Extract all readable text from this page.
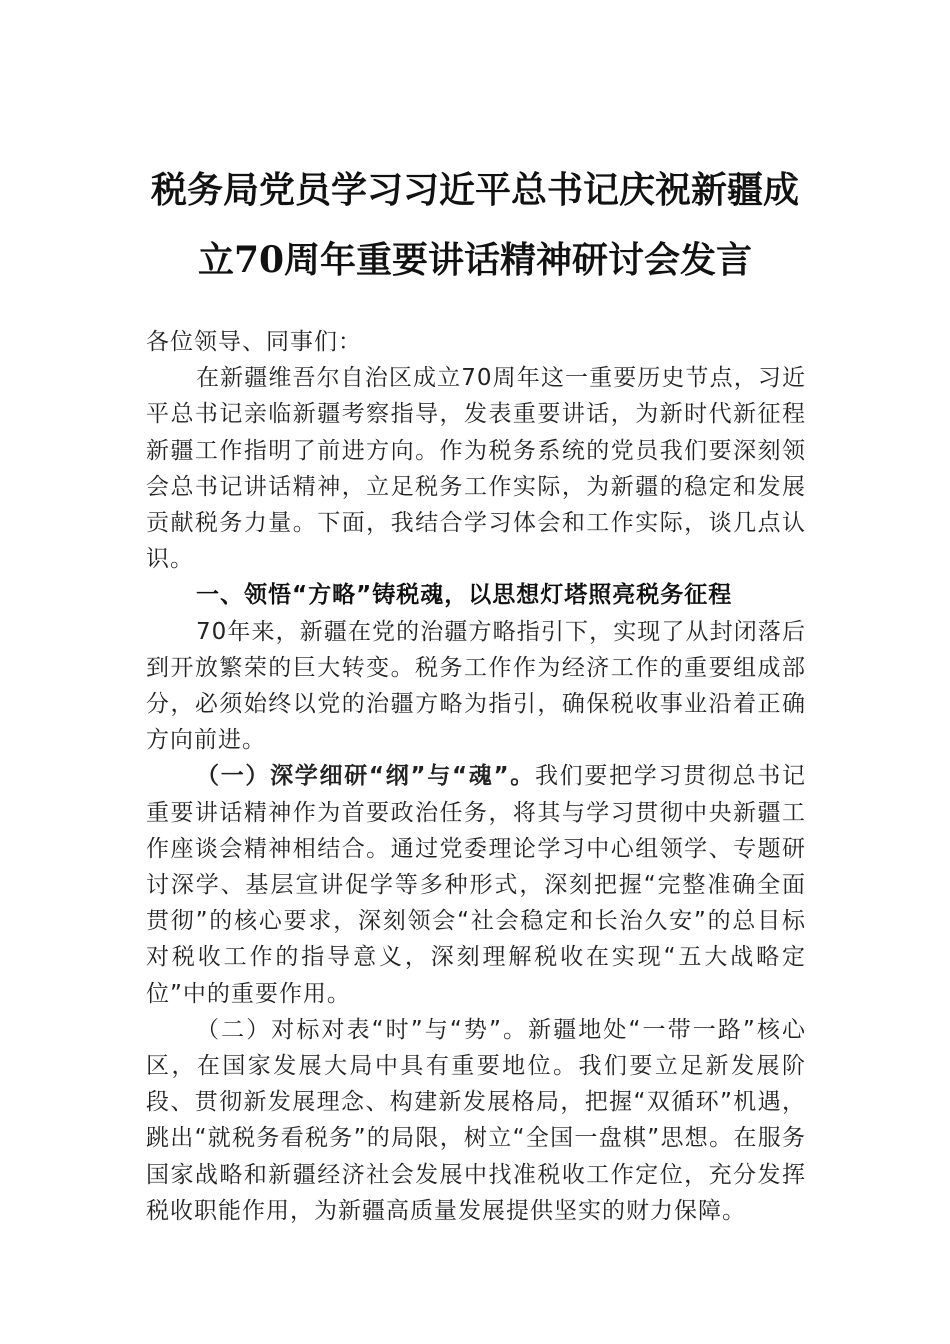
税务局党员学习习近平总书记庆祝新疆成
立70周年重要讲话精神研讨会发言

各位领导、同事们：

在新疆维吾尔自治区成立70周年这一重要历史节点，习近平总书记亲临新疆考察指导，发表重要讲话，为新时代新征程新疆工作指明了前进方向。作为税务系统的党员我们要深刻领会总书记讲话精神，立足税务工作实际，为新疆的稳定和发展贡献税务力量。下面，我结合学习体会和工作实际，谈几点认识。

一、领悟“方略”铸税魂，以思想灯塔照亮税务征程

70年来，新疆在党的治疆方略指引下，实现了从封闭落后到开放繁荣的巨大转变。税务工作作为经济工作的重要组成部分，必须始终以党的治疆方略为指引，确保税收事业沿着正确方向前进。

（一）深学细研“纲”与“魂”。我们要把学习贯彻总书记重要讲话精神作为首要政治任务，将其与学习贯彻中央新疆工作座谈会精神相结合。通过党委理论学习中心组领学、专题研讨深学、基层宣讲促学等多种形式，深刻把握“完整准确全面贯彻”的核心要求，深刻领会“社会稳定和长治久安”的总目标对税收工作的指导意义，深刻理解税收在实现“五大战略定位”中的重要作用。

（二）对标对表“时”与“势”。新疆地处“一带一路”核心区，在国家发展大局中具有重要地位。我们要立足新发展阶段、贯彻新发展理念、构建新发展格局，把握“双循环”机遇，跳出“就税务看税务”的局限，树立“全国一盘棋”思想。在服务国家战略和新疆经济社会发展中找准税收工作定位，充分发挥税收职能作用，为新疆高质量发展提供坚实的财力保障。
